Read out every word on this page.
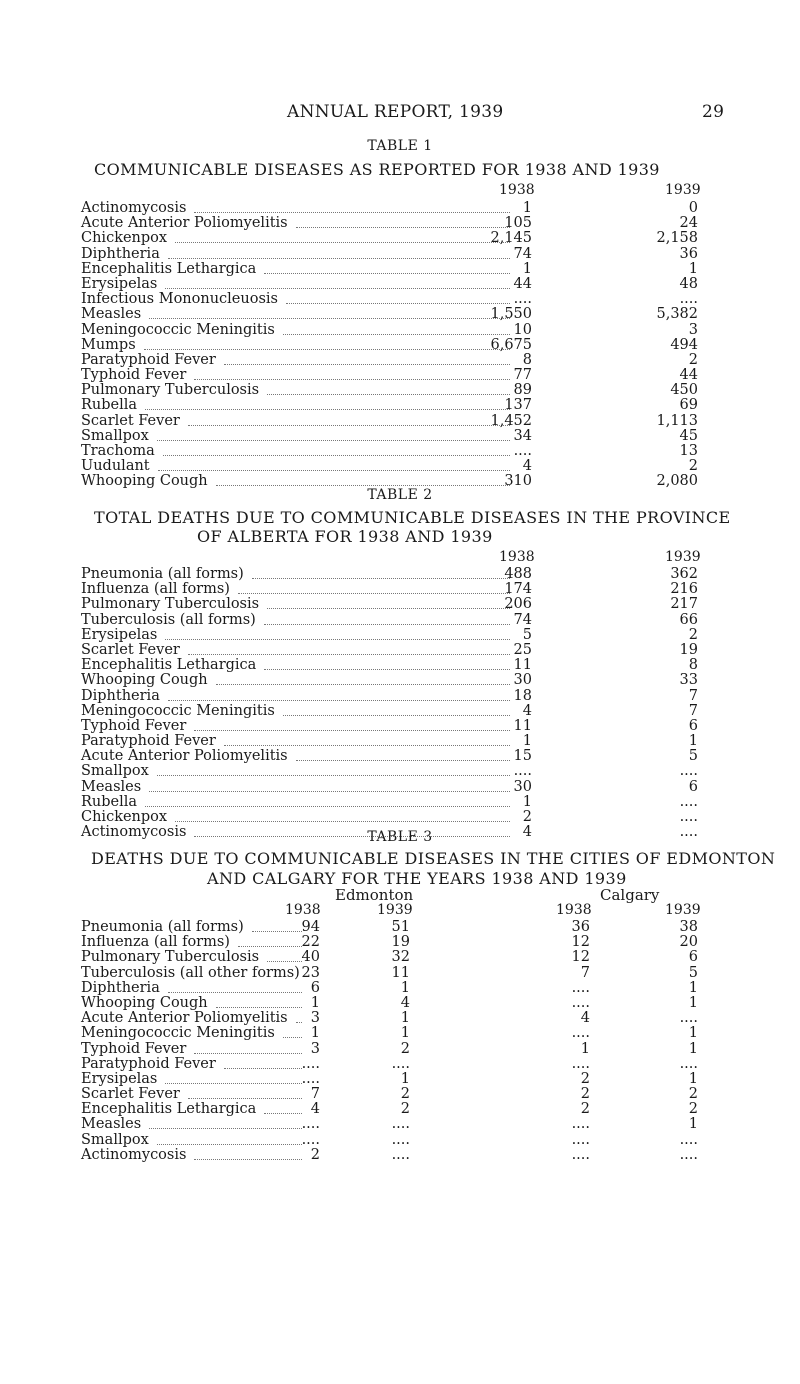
ANNUAL REPORT, 1939	29
TABLE 1
COMMUNICABLE DISEASES AS REPORTED FOR 1938 AND 1939
1938	1939
Actinomycosis	1	0
Acute Anterior Poliomyelitis	105	24
Chickenpox	2,145	2,158
Diphtheria	74	36
Encephalitis Lethargica	1	1
Erysipelas	44	48
Infectious Mononucleuosis	....	....
Measles	1,550	5,382
Meningococcic Meningitis	10	3
Mumps	6,675	494
Paratyphoid Fever	8	2
Typhoid Fever	77	44
Pulmonary Tuberculosis	89	450
Rubella	137	69
Scarlet Fever	1,452	1,113
Smallpox	34	45
Trachoma	....	13
Uudulant	4	2
Whooping Cough	310	2,080
TABLE 2
TOTAL DEATHS DUE TO COMMUNICABLE DISEASES IN THE PROVINCE
OF ALBERTA FOR 1938 AND 1939
1938	1939
Pneumonia (all forms)	488	362
Influenza (all forms)	174	216
Pulmonary Tuberculosis	206	217
Tuberculosis (all forms)	74	66
Erysipelas	5	2
Scarlet Fever	25	19
Encephalitis Lethargica	11	8
Whooping Cough	30	33
Diphtheria	18	7
Meningococcic Meningitis	4	7
Typhoid Fever	11	6
Paratyphoid Fever	1	1
Acute Anterior Poliomyelitis	15	5
Smallpox	....	....
Measles	30	6
Rubella	1	....
Chickenpox	2	....
Actinomycosis	4	....
TABLE 3
DEATHS DUE TO COMMUNICABLE DISEASES IN THE CITIES OF EDMONTON
AND CALGARY FOR THE YEARS 1938 AND 1939
Edmonton	Calgary
1938	1939	1938	1939
Pneumonia (all forms)	94	51	36	38
Influenza (all forms)	22	19	12	20
Pulmonary Tuberculosis	40	32	12	6
Tuberculosis (all other forms) 23	11	7	5
Diphtheria	6	1	....	1
Whooping Cough	1	4	....	1
Acute Anterior Poliomyelitis	3	1	4	....
Meningococcic Meningitis	1	1	....	1
Typhoid Fever	3	2	1	1
Paratyphoid Fever	....	....	....	....
Erysipelas	....	1	2	1
Scarlet Fever	7	2	2	2
Encephalitis Lethargica	4	2	2	2
Measles	....	....	....	1
Smallpox	....	....	....	....
Actinomycosis	2	....	....	....
